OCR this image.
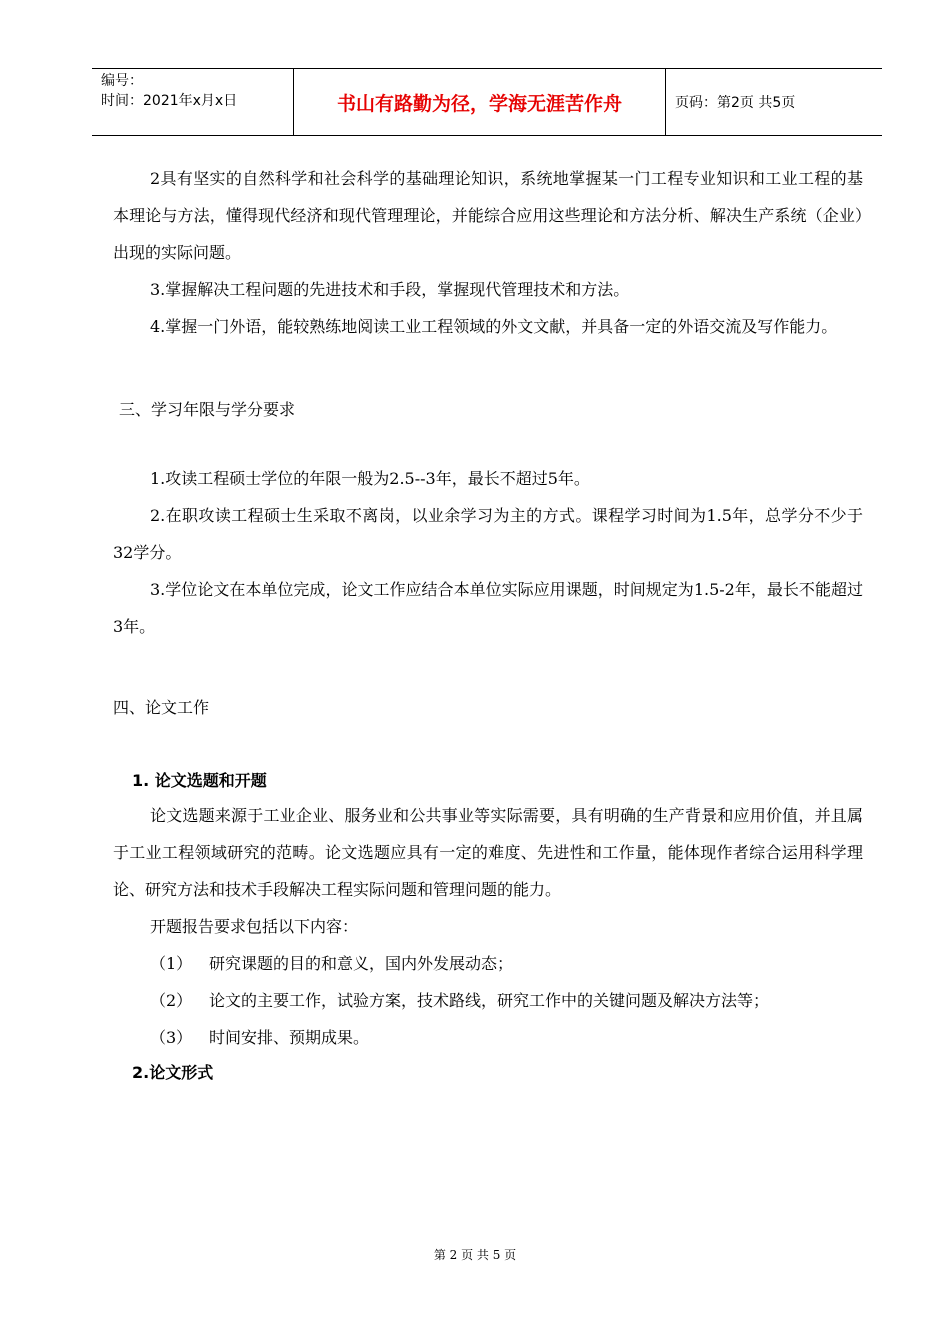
编号：
时间：2021年x月x日	书山有路勤为径，学海无涯苦作舟	页码：第2页 共5页

2具有坚实的自然科学和社会科学的基础理论知识，系统地掌握某一门工程专业知识和工业工程的基本理论与方法，懂得现代经济和现代管理理论，并能综合应用这些理论和方法分析、解决生产系统（企业）出现的实际问题。

3.掌握解决工程问题的先进技术和手段，掌握现代管理技术和方法。

4.掌握一门外语，能较熟练地阅读工业工程领域的外文文献，并具备一定的外语交流及写作能力。

三、学习年限与学分要求

1.攻读工程硕士学位的年限一般为2.5--3年，最长不超过5年。

2.在职攻读工程硕士生采取不离岗，以业余学习为主的方式。课程学习时间为1.5年，总学分不少于32学分。

3.学位论文在本单位完成，论文工作应结合本单位实际应用课题，时间规定为1.5-2年，最长不能超过3年。

四、论文工作

1. 论文选题和开题

论文选题来源于工业企业、服务业和公共事业等实际需要，具有明确的生产背景和应用价值，并且属于工业工程领域研究的范畴。论文选题应具有一定的难度、先进性和工作量，能体现作者综合运用科学理论、研究方法和技术手段解决工程实际问题和管理问题的能力。

开题报告要求包括以下内容：

（1）	研究课题的目的和意义，国内外发展动态；
（2）	论文的主要工作，试验方案，技术路线，研究工作中的关键问题及解决方法等；
（3）	时间安排、预期成果。

2.论文形式

第 2 页 共 5 页
